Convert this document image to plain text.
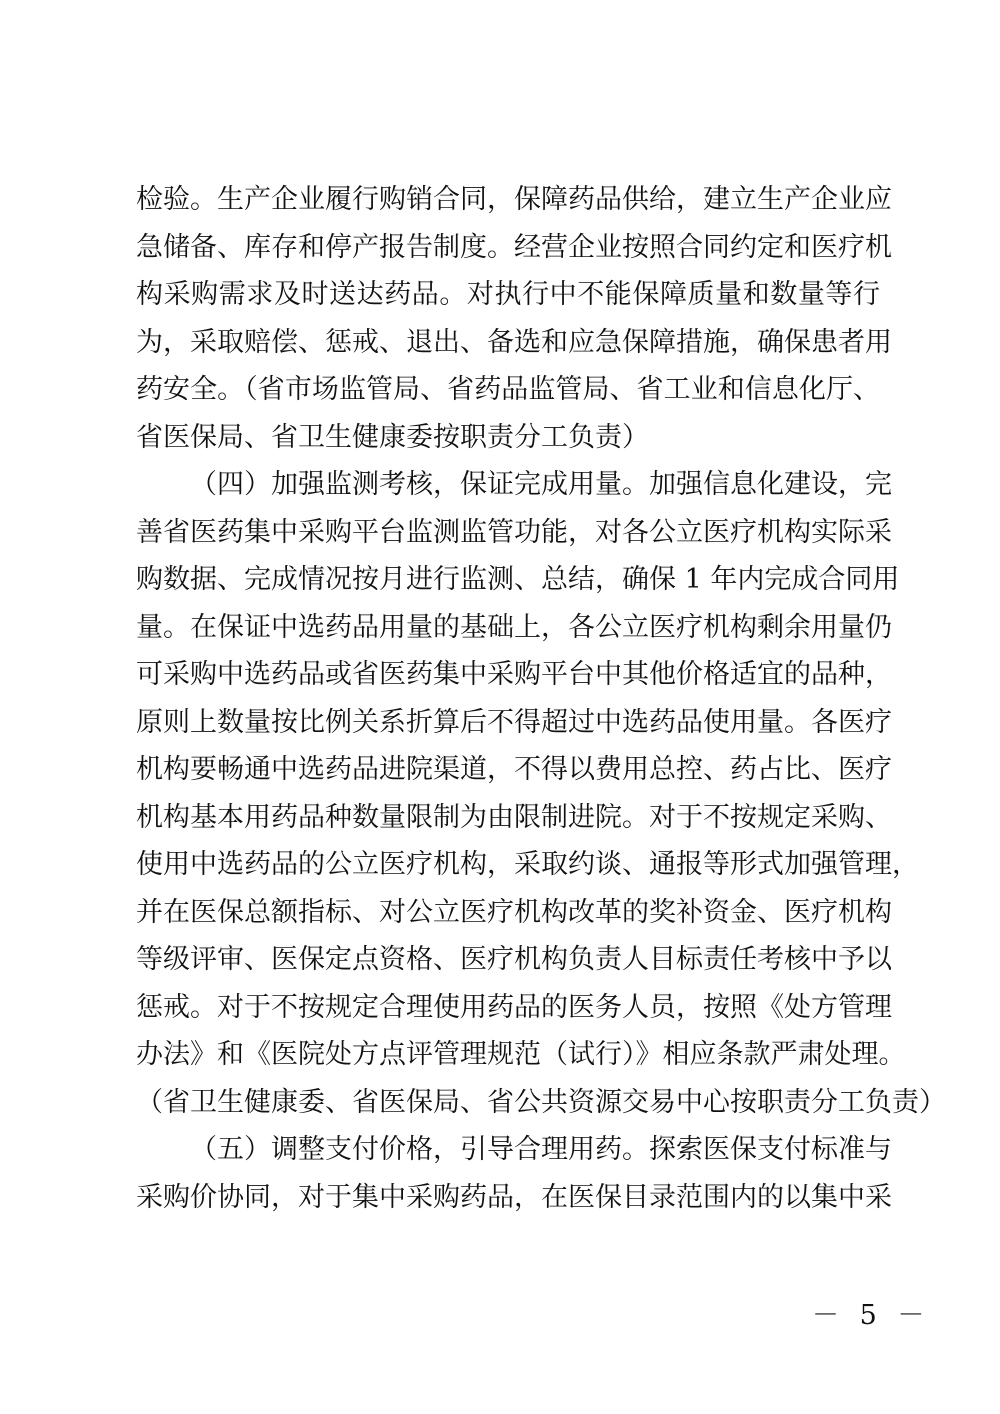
检验。生产企业履行购销合同，保障药品供给，建立生产企业应
急储备、库存和停产报告制度。经营企业按照合同约定和医疗机
构采购需求及时送达药品。对执行中不能保障质量和数量等行
为，采取赔偿、惩戒、退出、备选和应急保障措施，确保患者用
药安全。（省市场监管局、省药品监管局、省工业和信息化厅、
省医保局、省卫生健康委按职责分工负责）
（四）加强监测考核，保证完成用量。加强信息化建设，完
善省医药集中采购平台监测监管功能，对各公立医疗机构实际采
购数据、完成情况按月进行监测、总结，确保 1 年内完成合同用
量。在保证中选药品用量的基础上，各公立医疗机构剩余用量仍
可采购中选药品或省医药集中采购平台中其他价格适宜的品种，
原则上数量按比例关系折算后不得超过中选药品使用量。各医疗
机构要畅通中选药品进院渠道，不得以费用总控、药占比、医疗
机构基本用药品种数量限制为由限制进院。对于不按规定采购、
使用中选药品的公立医疗机构，采取约谈、通报等形式加强管理，
并在医保总额指标、对公立医疗机构改革的奖补资金、医疗机构
等级评审、医保定点资格、医疗机构负责人目标责任考核中予以
惩戒。对于不按规定合理使用药品的医务人员，按照《处方管理
办法》和《医院处方点评管理规范（试行）》相应条款严肃处理。
（省卫生健康委、省医保局、省公共资源交易中心按职责分工负责）
（五）调整支付价格，引导合理用药。探索医保支付标准与
采购价协同，对于集中采购药品，在医保目录范围内的以集中采
－ 5 －
